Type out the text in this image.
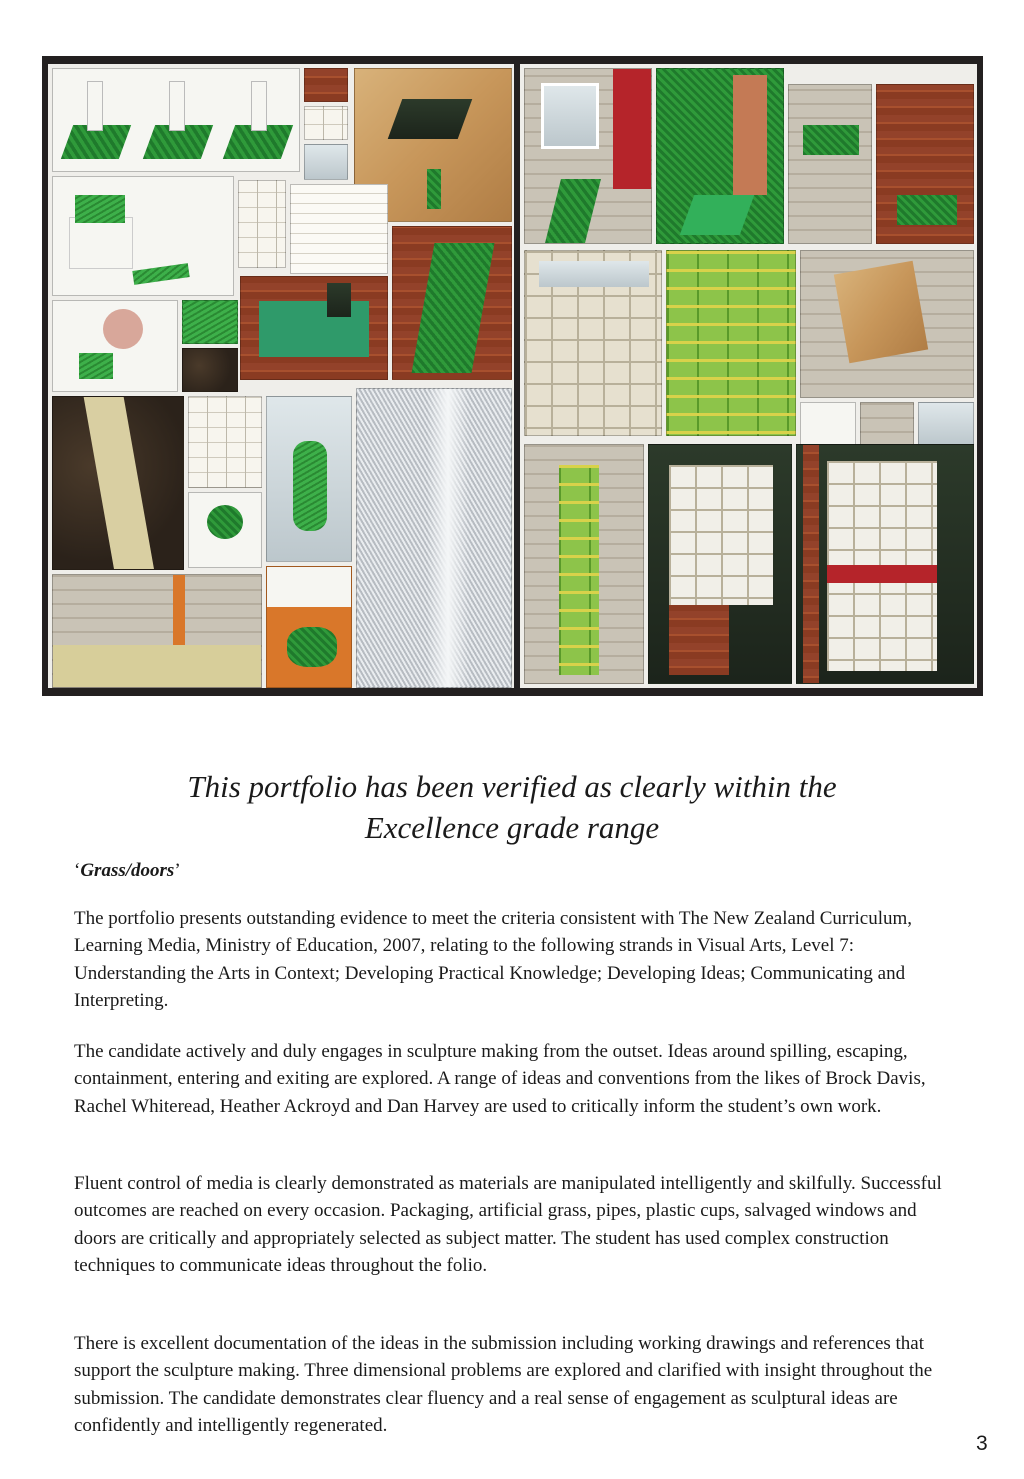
This portfolio has been verified as clearly within the
Excellence grade range

‘Grass/doors’

The portfolio presents outstanding evidence to meet the criteria consistent with The New Zealand Curriculum, Learning Media, Ministry of Education, 2007, relating to the following strands in Visual Arts, Level 7: Understanding the Arts in Context; Developing Practical Knowledge; Developing Ideas; Communicating and Interpreting.

The candidate actively and duly engages in sculpture making from the outset. Ideas around spilling, escaping, containment, entering and exiting are explored. A range of ideas and conventions from the likes of Brock Davis, Rachel Whiteread, Heather Ackroyd and Dan Harvey are used to critically inform the student’s own work.

Fluent control of media is clearly demonstrated as materials are manipulated intelligently and skilfully. Successful outcomes are reached on every occasion. Packaging, artificial grass, pipes, plastic cups, salvaged windows and doors are critically and appropriately selected as subject matter. The student has used complex construction techniques to communicate ideas throughout the folio.

There is excellent documentation of the ideas in the submission including working drawings and references that support the sculpture making. Three dimensional problems are explored and clarified with insight throughout the submission. The candidate demonstrates clear fluency and a real sense of engagement as sculptural ideas are confidently and intelligently regenerated.

3
